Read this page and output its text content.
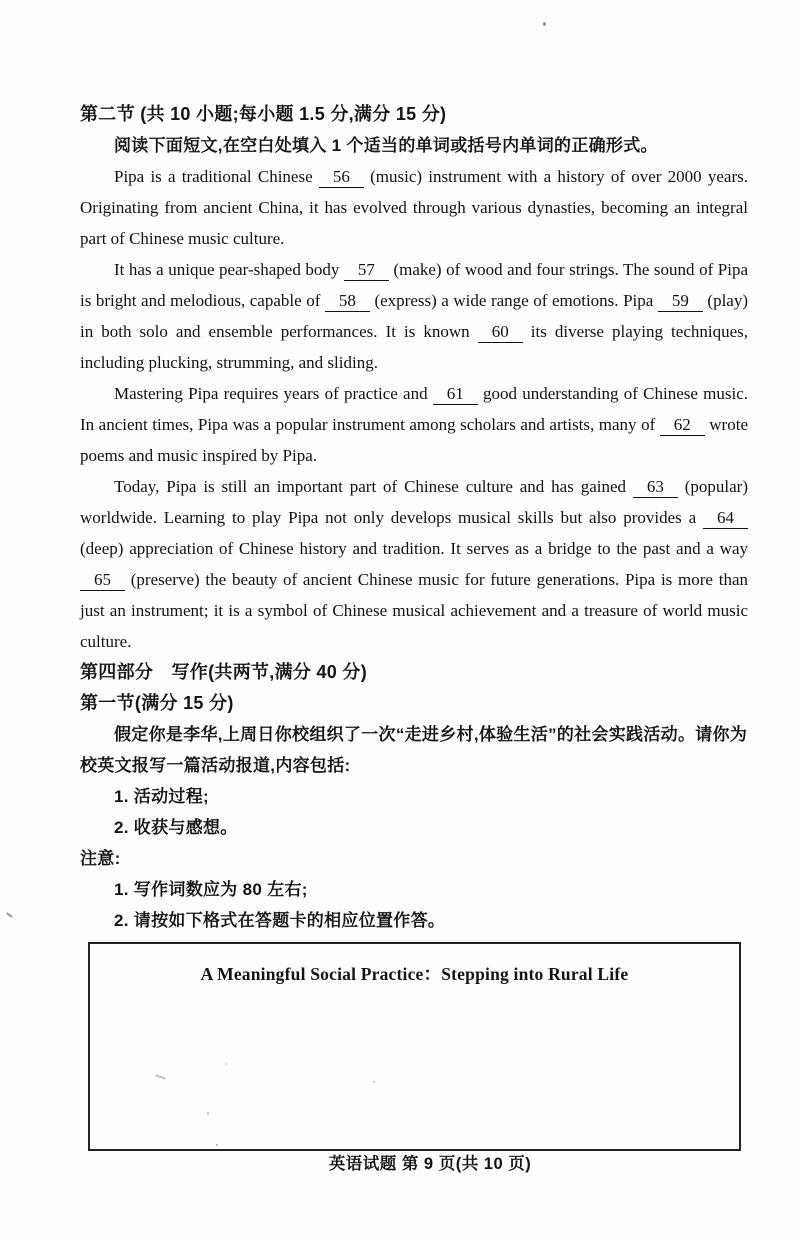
第二节 (共 10 小题;每小题 1.5 分,满分 15 分)

阅读下面短文,在空白处填入 1 个适当的单词或括号内单词的正确形式。

Pipa is a traditional Chinese 56 (music) instrument with a history of over 2000 years. Originating from ancient China, it has evolved through various dynasties, becoming an integral part of Chinese music culture.

It has a unique pear-shaped body 57 (make) of wood and four strings. The sound of Pipa is bright and melodious, capable of 58 (express) a wide range of emotions. Pipa 59 (play) in both solo and ensemble performances. It is known 60 its diverse playing techniques, including plucking, strumming, and sliding.

Mastering Pipa requires years of practice and 61 good understanding of Chinese music. In ancient times, Pipa was a popular instrument among scholars and artists, many of 62 wrote poems and music inspired by Pipa.

Today, Pipa is still an important part of Chinese culture and has gained 63 (popular) worldwide. Learning to play Pipa not only develops musical skills but also provides a 64 (deep) appreciation of Chinese history and tradition. It serves as a bridge to the past and a way 65 (preserve) the beauty of ancient Chinese music for future generations. Pipa is more than just an instrument; it is a symbol of Chinese musical achievement and a treasure of world music culture.

第四部分　写作(共两节,满分 40 分)
第一节(满分 15 分)

假定你是李华,上周日你校组织了一次“走进乡村,体验生活”的社会实践活动。请你为校英文报写一篇活动报道,内容包括:

1. 活动过程;

2. 收获与感想。

注意:

1. 写作词数应为 80 左右;

2. 请按如下格式在答题卡的相应位置作答。

A Meaningful Social Practice：Stepping into Rural Life
英语试题 第 9 页(共 10 页)
